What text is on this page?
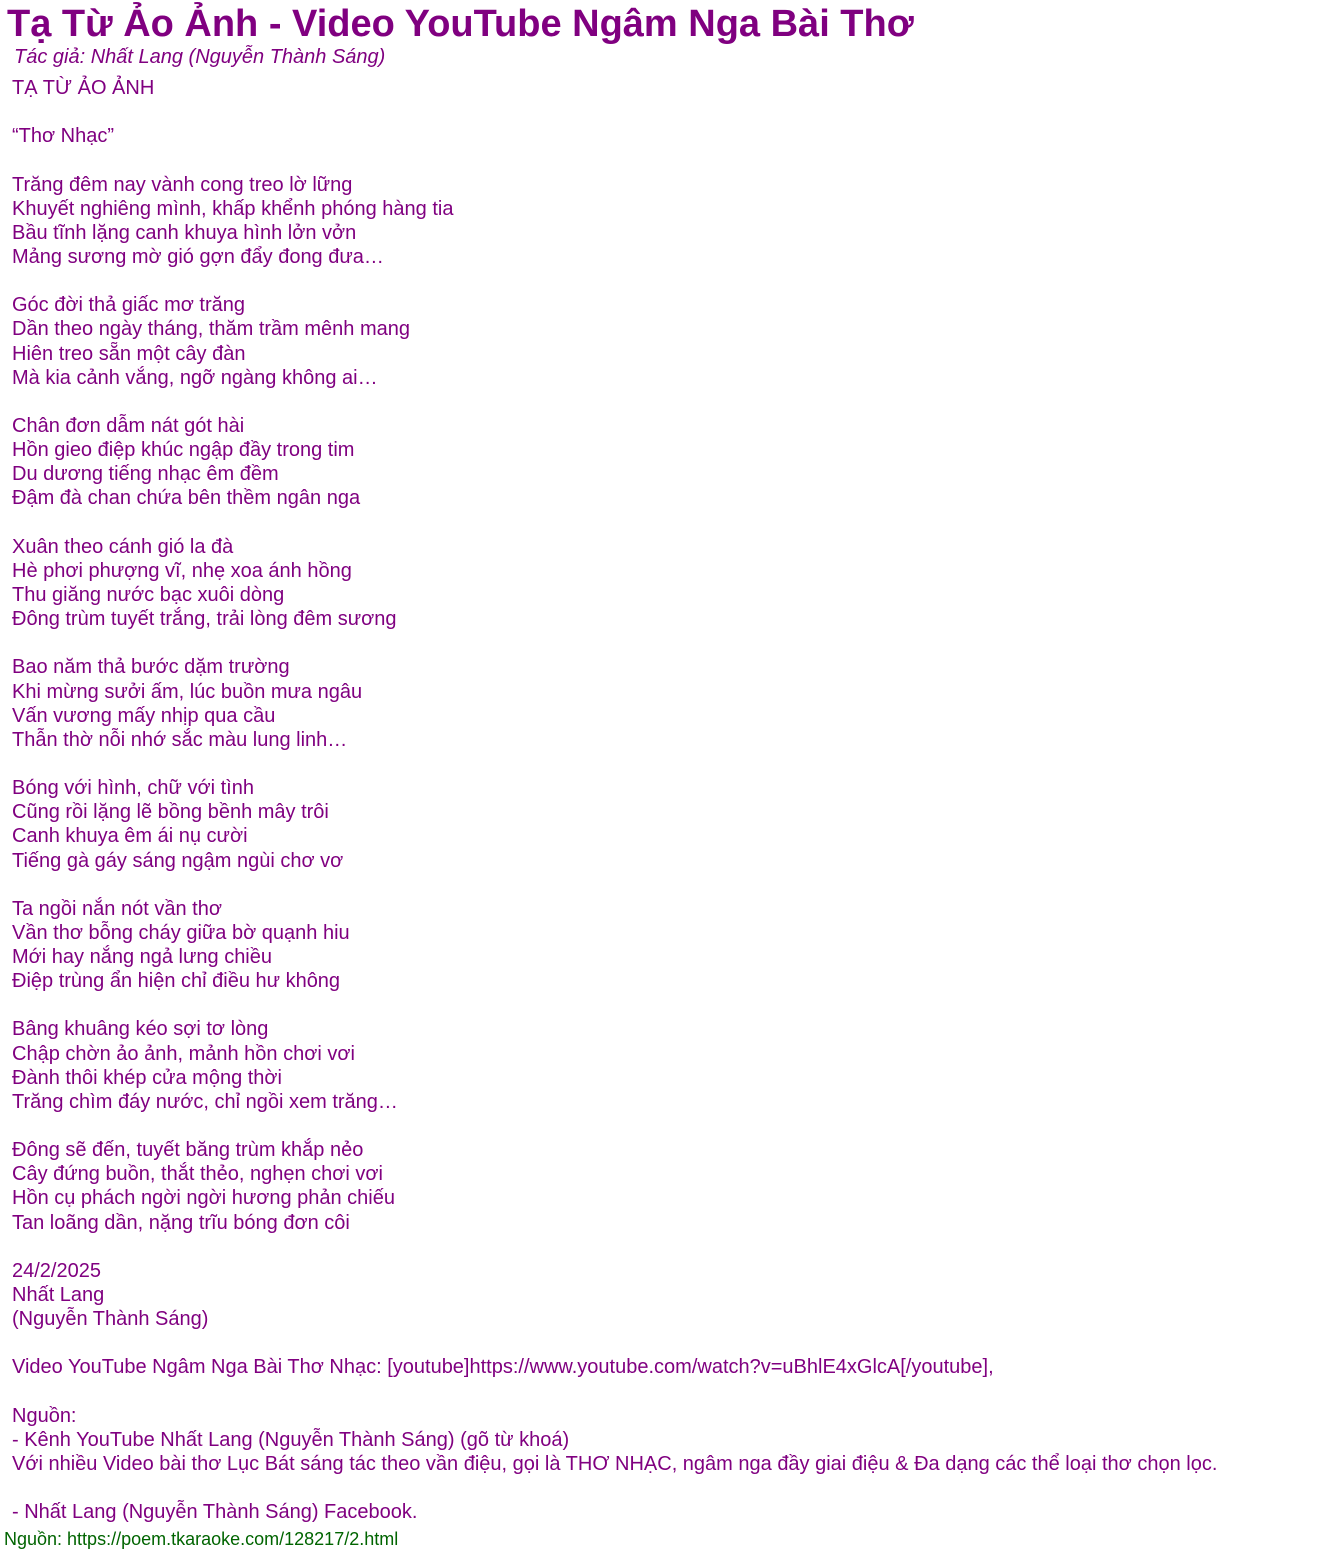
Tạ Từ Ảo Ảnh - Video YouTube Ngâm Nga Bài Thơ
Tác giả: Nhất Lang (Nguyễn Thành Sáng)
TẠ TỪ ẢO ẢNH
“Thơ Nhạc”
Trăng đêm nay vành cong treo lờ lững
Khuyết nghiêng mình, khấp khểnh phóng hàng tia
Bầu tĩnh lặng canh khuya hình lởn vởn
Mảng sương mờ gió gợn đẩy đong đưa…
Góc đời thả giấc mơ trăng
Dần theo ngày tháng, thăm trầm mênh mang
Hiên treo sẵn một cây đàn
Mà kia cảnh vắng, ngỡ ngàng không ai…
Chân đơn dẫm nát gót hài
Hồn gieo điệp khúc ngập đầy trong tim
Du dương tiếng nhạc êm đềm
Đậm đà chan chứa bên thềm ngân nga
Xuân theo cánh gió la đà
Hè phơi phượng vĩ, nhẹ xoa ánh hồng
Thu giăng nước bạc xuôi dòng
Đông trùm tuyết trắng, trải lòng đêm sương
Bao năm thả bước dặm trường
Khi mừng sưởi ấm, lúc buồn mưa ngâu
Vấn vương mấy nhịp qua cầu
Thẫn thờ nỗi nhớ sắc màu lung linh…
Bóng với hình, chữ với tình
Cũng rồi lặng lẽ bồng bềnh mây trôi
Canh khuya êm ái nụ cười
Tiếng gà gáy sáng ngậm ngùi chơ vơ
Ta ngồi nắn nót vần thơ
Vần thơ bỗng cháy giữa bờ quạnh hiu
Mới hay nắng ngả lưng chiều
Điệp trùng ẩn hiện chỉ điều hư không
Bâng khuâng kéo sợi tơ lòng
Chập chờn ảo ảnh, mảnh hồn chơi vơi
Đành thôi khép cửa mộng thời
Trăng chìm đáy nước, chỉ ngồi xem trăng…
Đông sẽ đến, tuyết băng trùm khắp nẻo
Cây đứng buồn, thắt thẻo, nghẹn chơi vơi
Hồn cụ phách ngời ngời hương phản chiếu
Tan loãng dần, nặng trĩu bóng đơn côi
24/2/2025
Nhất Lang
(Nguyễn Thành Sáng)
Video YouTube Ngâm Nga Bài Thơ Nhạc: [youtube]https://www.youtube.com/watch?v=uBhlE4xGlcA[/youtube],
Nguồn:
- Kênh YouTube Nhất Lang (Nguyễn Thành Sáng) (gõ từ khoá)
Với nhiều Video bài thơ Lục Bát sáng tác theo vần điệu, gọi là THƠ NHẠC, ngâm nga đầy giai điệu & Đa dạng các thể loại thơ chọn lọc.
- Nhất Lang (Nguyễn Thành Sáng) Facebook.
Nguồn: https://poem.tkaraoke.com/128217/2.html
